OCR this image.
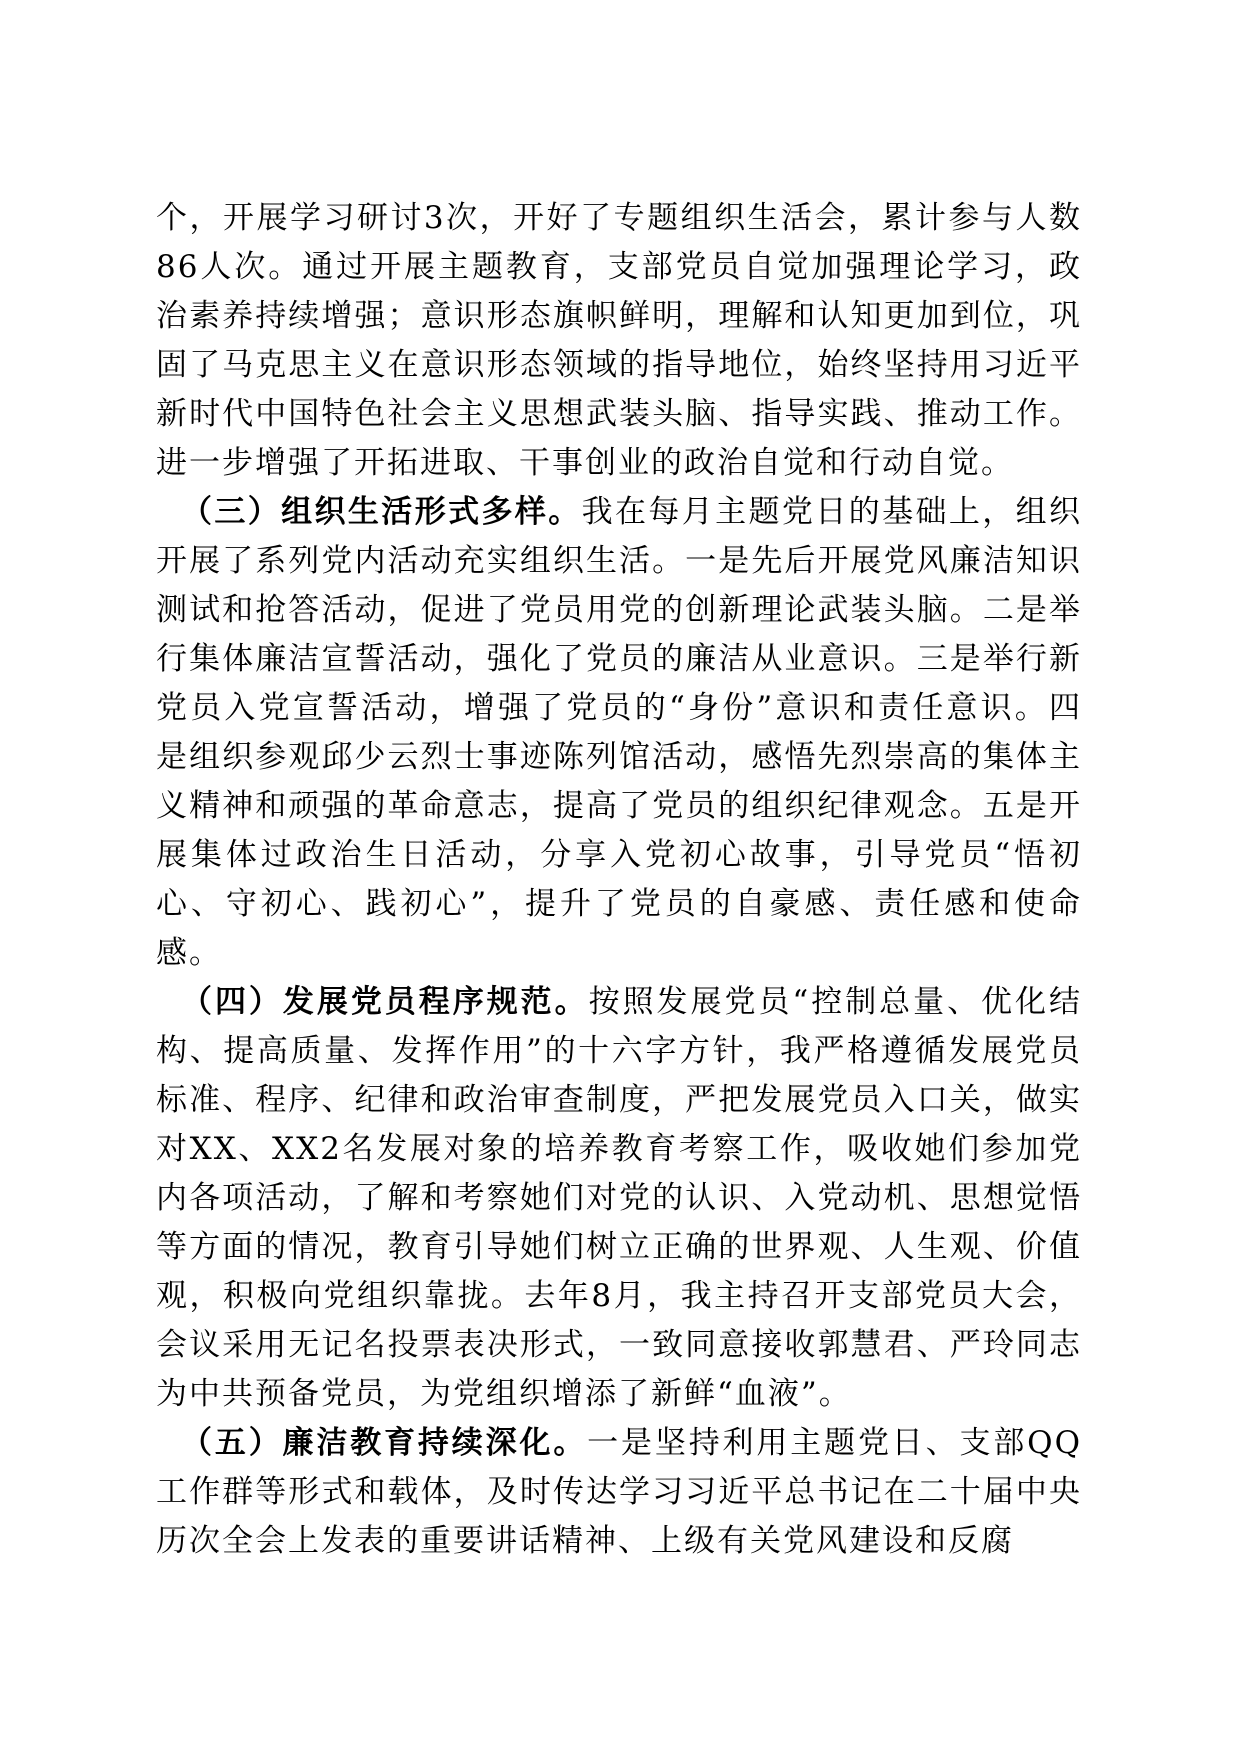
个，开展学习研讨3次，开好了专题组织生活会，累计参与人数86人次。通过开展主题教育，支部党员自觉加强理论学习，政治素养持续增强；意识形态旗帜鲜明，理解和认知更加到位，巩固了马克思主义在意识形态领域的指导地位，始终坚持用习近平新时代中国特色社会主义思想武装头脑、指导实践、推动工作。进一步增强了开拓进取、干事创业的政治自觉和行动自觉。

（三）组织生活形式多样。我在每月主题党日的基础上，组织开展了系列党内活动充实组织生活。一是先后开展党风廉洁知识测试和抢答活动，促进了党员用党的创新理论武装头脑。二是举行集体廉洁宣誓活动，强化了党员的廉洁从业意识。三是举行新党员入党宣誓活动，增强了党员的“身份”意识和责任意识。四是组织参观邱少云烈士事迹陈列馆活动，感悟先烈崇高的集体主义精神和顽强的革命意志，提高了党员的组织纪律观念。五是开展集体过政治生日活动，分享入党初心故事，引导党员“悟初心、守初心、践初心”，提升了党员的自豪感、责任感和使命感。

（四）发展党员程序规范。按照发展党员“控制总量、优化结构、提高质量、发挥作用”的十六字方针，我严格遵循发展党员标准、程序、纪律和政治审查制度，严把发展党员入口关，做实对XX、XX2名发展对象的培养教育考察工作，吸收她们参加党内各项活动，了解和考察她们对党的认识、入党动机、思想觉悟等方面的情况，教育引导她们树立正确的世界观、人生观、价值观，积极向党组织靠拢。去年8月，我主持召开支部党员大会，会议采用无记名投票表决形式，一致同意接收郭慧君、严玲同志为中共预备党员，为党组织增添了新鲜“血液”。

（五）廉洁教育持续深化。一是坚持利用主题党日、支部QQ工作群等形式和载体，及时传达学习习近平总书记在二十届中央历次全会上发表的重要讲话精神、上级有关党风建设和反腐
